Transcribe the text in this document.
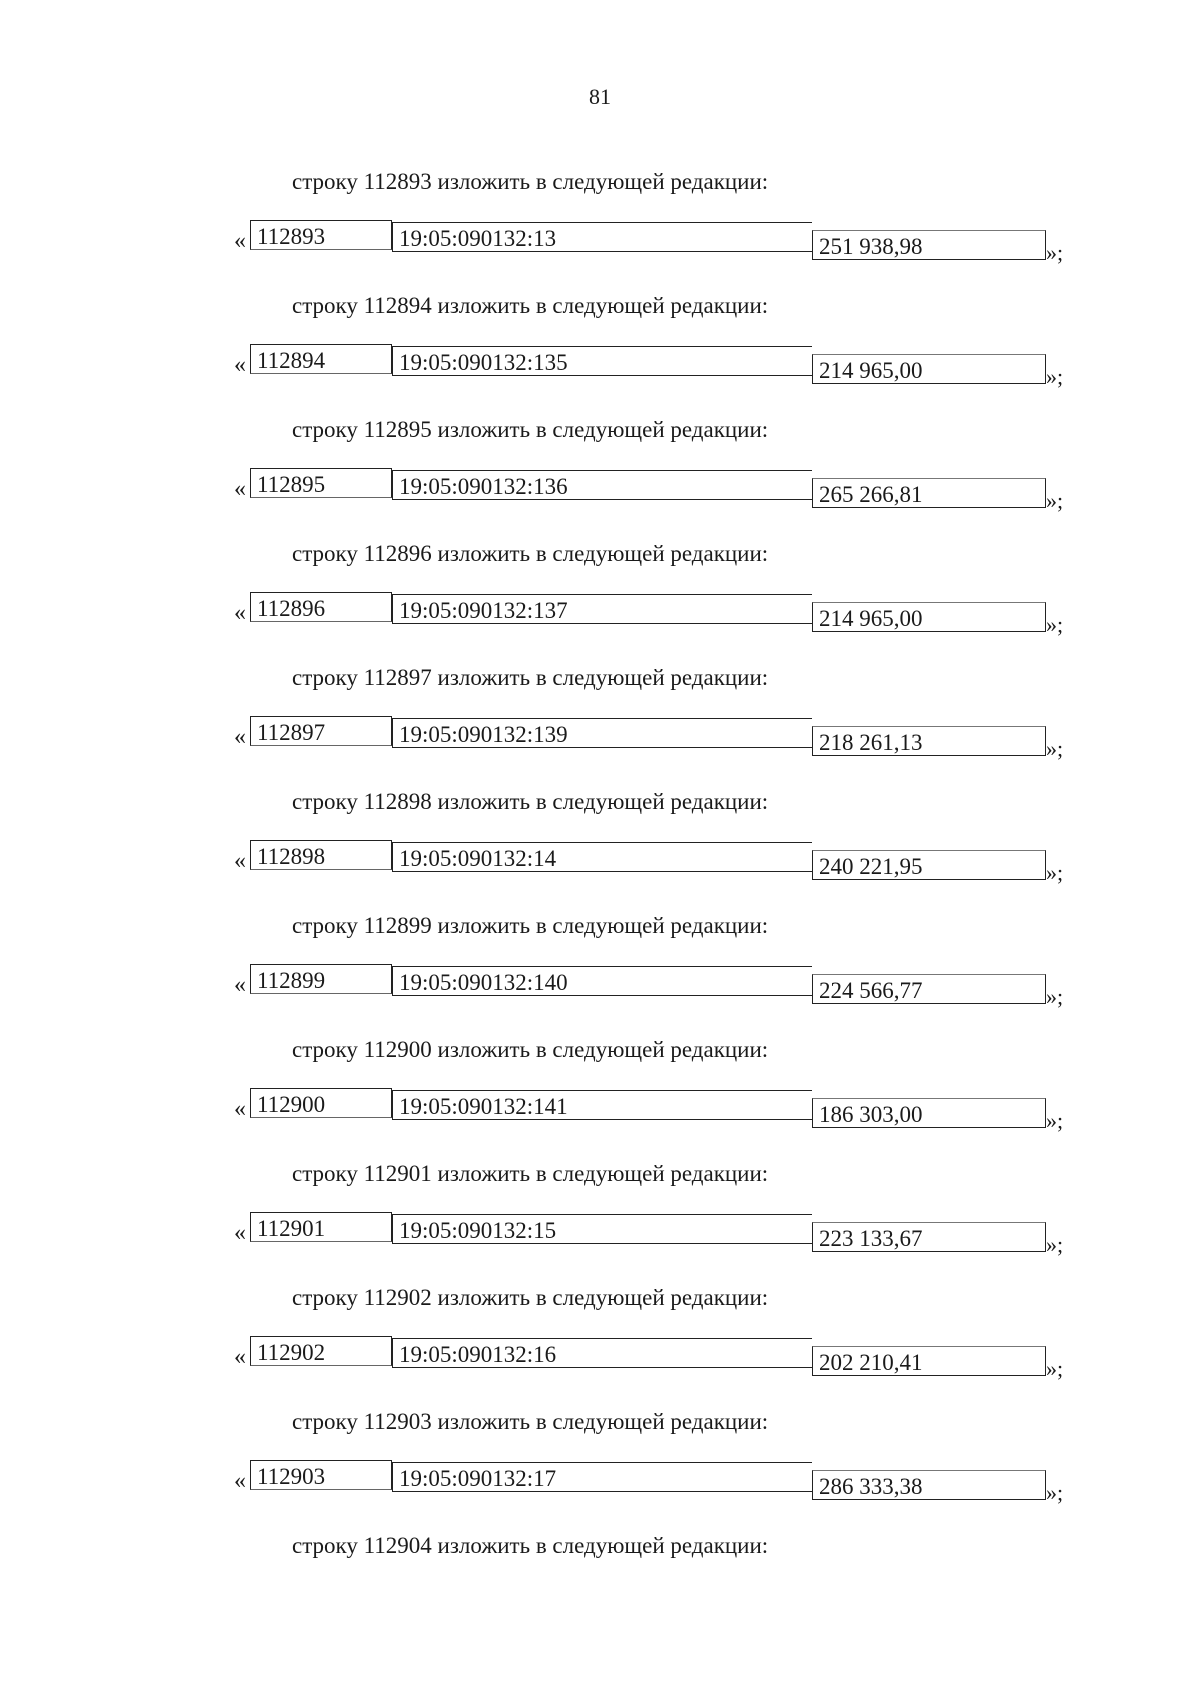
81
строку 112893 изложить в следующей редакции:
« 112893	19:05:090132:13	251 938,98	»;
строку 112894 изложить в следующей редакции:
« 112894	19:05:090132:135	214 965,00	»;
строку 112895 изложить в следующей редакции:
« 112895	19:05:090132:136	265 266,81	»;
строку 112896 изложить в следующей редакции:
« 112896	19:05:090132:137	214 965,00	»;
строку 112897 изложить в следующей редакции:
« 112897	19:05:090132:139	218 261,13	»;
строку 112898 изложить в следующей редакции:
« 112898	19:05:090132:14	240 221,95	»;
строку 112899 изложить в следующей редакции:
« 112899	19:05:090132:140	224 566,77	»;
строку 112900 изложить в следующей редакции:
« 112900	19:05:090132:141	186 303,00	»;
строку 112901 изложить в следующей редакции:
« 112901	19:05:090132:15	223 133,67	»;
строку 112902 изложить в следующей редакции:
« 112902	19:05:090132:16	202 210,41	»;
строку 112903 изложить в следующей редакции:
« 112903	19:05:090132:17	286 333,38	»;
строку 112904 изложить в следующей редакции:
